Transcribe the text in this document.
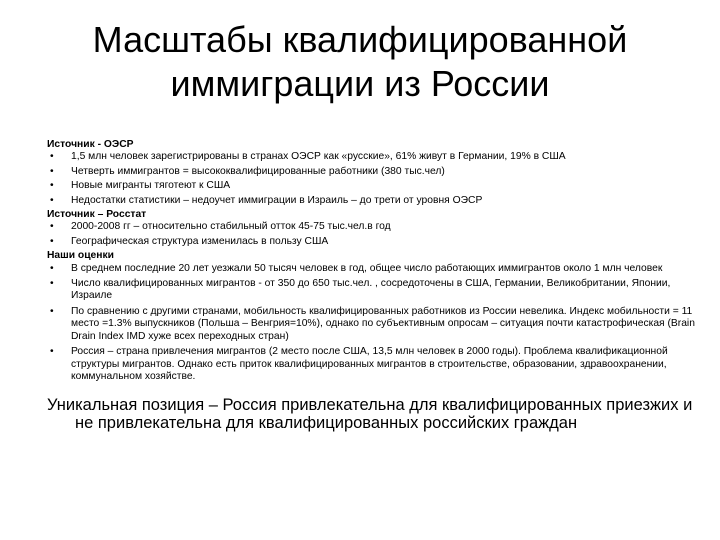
Масштабы квалифицированной
иммиграции из России
Источник - ОЭСР
• 1,5 млн человек зарегистрированы в странах ОЭСР как «русские», 61% живут в Германии, 19% в США
• Четверть иммигрантов = высококвалифицированные работники (380 тыс.чел)
• Новые мигранты тяготеют к США
• Недостатки статистики – недоучет иммиграции в Израиль – до трети от уровня ОЭСР
Источник – Росстат
• 2000-2008 гг – относительно стабильный отток 45-75 тыс.чел.в год
• Географическая структура изменилась в пользу США
Наши оценки
• В среднем последние 20 лет уезжали 50 тысяч человек в год, общее число работающих иммигрантов около 1 млн человек
• Число квалифицированных мигрантов - от 350 до 650 тыс.чел. , сосредоточены в США, Германии, Великобритании, Японии, Израиле
• По сравнению с другими странами, мобильность квалифицированных работников из России невелика. Индекс мобильности = 11 место =1.3% выпускников (Польша – Венгрия=10%), однако по субъективным опросам – ситуация почти катастрофическая (Brain Drain Index IMD хуже всех переходных стран)
• Россия – страна привлечения мигрантов (2 место после США, 13,5 млн человек в 2000 годы). Проблема квалификационной структуры мигрантов. Однако есть приток квалифицированных мигрантов в строительстве, образовании, здравоохранении, коммунальном хозяйстве.
Уникальная позиция – Россия привлекательна для квалифицированных приезжих и не привлекательна для квалифицированных российских граждан
